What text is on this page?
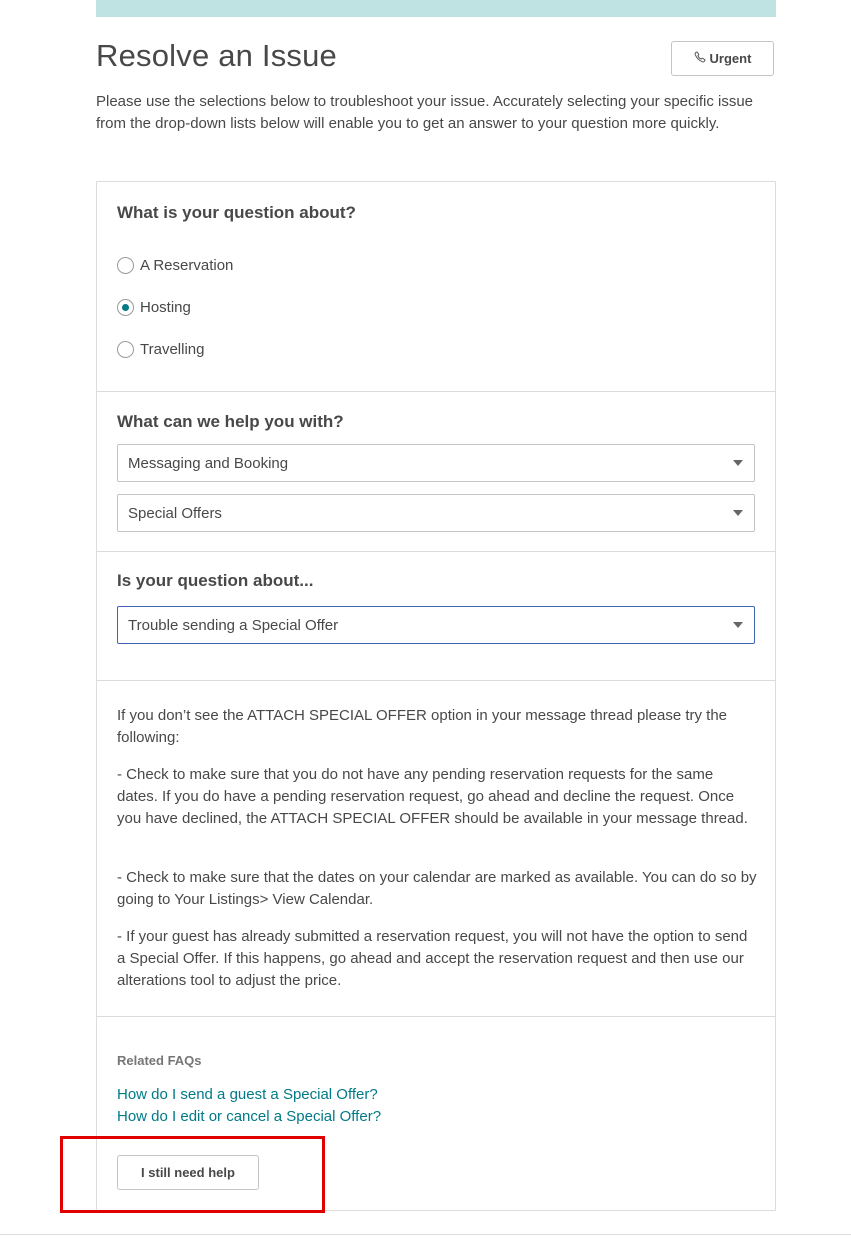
Resolve an Issue	Urgent

Please use the selections below to troubleshoot your issue. Accurately selecting your specific issue from the drop-down lists below will enable you to get an answer to your question more quickly.

What is your question about?
A Reservation
Hosting
Travelling
What can we help you with?
Messaging and Booking
Special Offers
Is your question about...
Trouble sending a Special Offer

If you don’t see the ATTACH SPECIAL OFFER option in your message thread please try the following:

- Check to make sure that you do not have any pending reservation requests for the same dates. If you do have a pending reservation request, go ahead and decline the request. Once you have declined, the ATTACH SPECIAL OFFER should be available in your message thread.

- Check to make sure that the dates on your calendar are marked as available. You can do so by going to Your Listings> View Calendar.

- If your guest has already submitted a reservation request, you will not have the option to send a Special Offer. If this happens, go ahead and accept the reservation request and then use our alterations tool to adjust the price.

Related FAQs

How do I send a guest a Special Offer?
How do I edit or cancel a Special Offer?
I still need help
